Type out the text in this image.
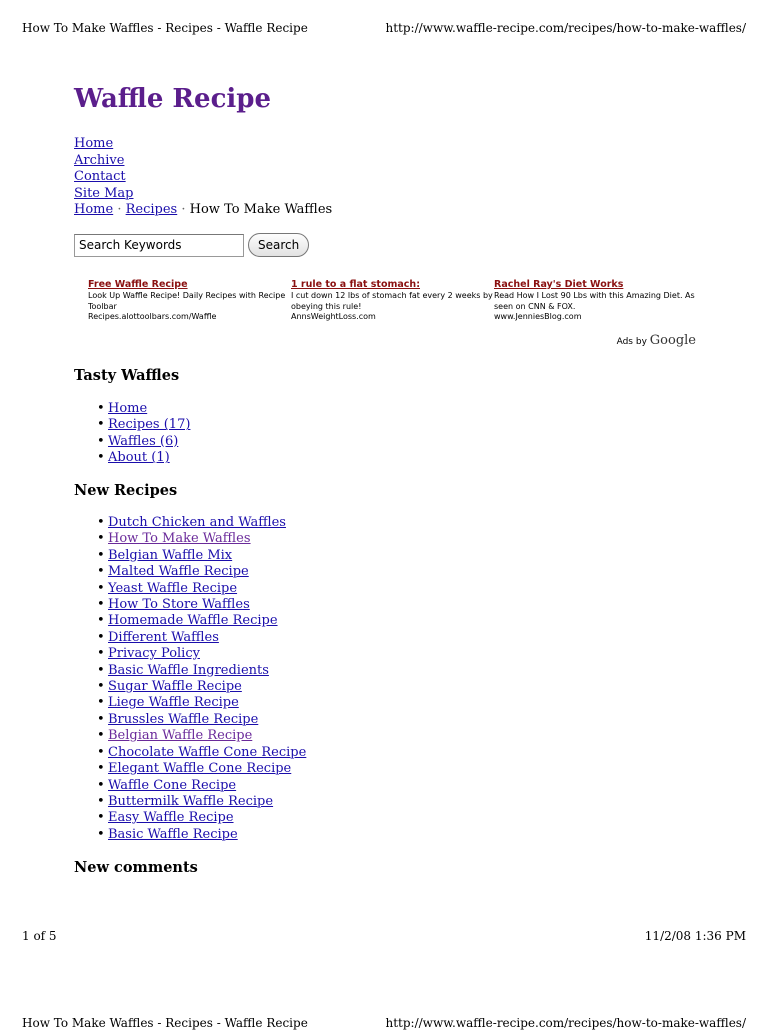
How To Make Waffles - Recipes - Waffle Recipe	http://www.waffle-recipe.com/recipes/how-to-make-waffles/
Waffle Recipe
Home
Archive
Contact
Site Map
Home · Recipes · How To Make Waffles
Search Keywords
Search
Free Waffle Recipe
Look Up Waffle Recipe! Daily Recipes with Recipe Toolbar
Recipes.alottoolbars.com/Waffle
1 rule to a flat stomach:
I cut down 12 lbs of stomach fat every 2 weeks by obeying this rule!
AnnsWeightLoss.com
Rachel Ray's Diet Works
Read How I Lost 90 Lbs with this Amazing Diet. As seen on CNN & FOX.
www.JenniesBlog.com
Ads by Google
Tasty Waffles
• Home
• Recipes (17)
• Waffles (6)
• About (1)
New Recipes
• Dutch Chicken and Waffles
• How To Make Waffles
• Belgian Waffle Mix
• Malted Waffle Recipe
• Yeast Waffle Recipe
• How To Store Waffles
• Homemade Waffle Recipe
• Different Waffles
• Privacy Policy
• Basic Waffle Ingredients
• Sugar Waffle Recipe
• Liege Waffle Recipe
• Brussles Waffle Recipe
• Belgian Waffle Recipe
• Chocolate Waffle Cone Recipe
• Elegant Waffle Cone Recipe
• Waffle Cone Recipe
• Buttermilk Waffle Recipe
• Easy Waffle Recipe
• Basic Waffle Recipe
New comments
1 of 5	11/2/08 1:36 PM
How To Make Waffles - Recipes - Waffle Recipe	http://www.waffle-recipe.com/recipes/how-to-make-waffles/
